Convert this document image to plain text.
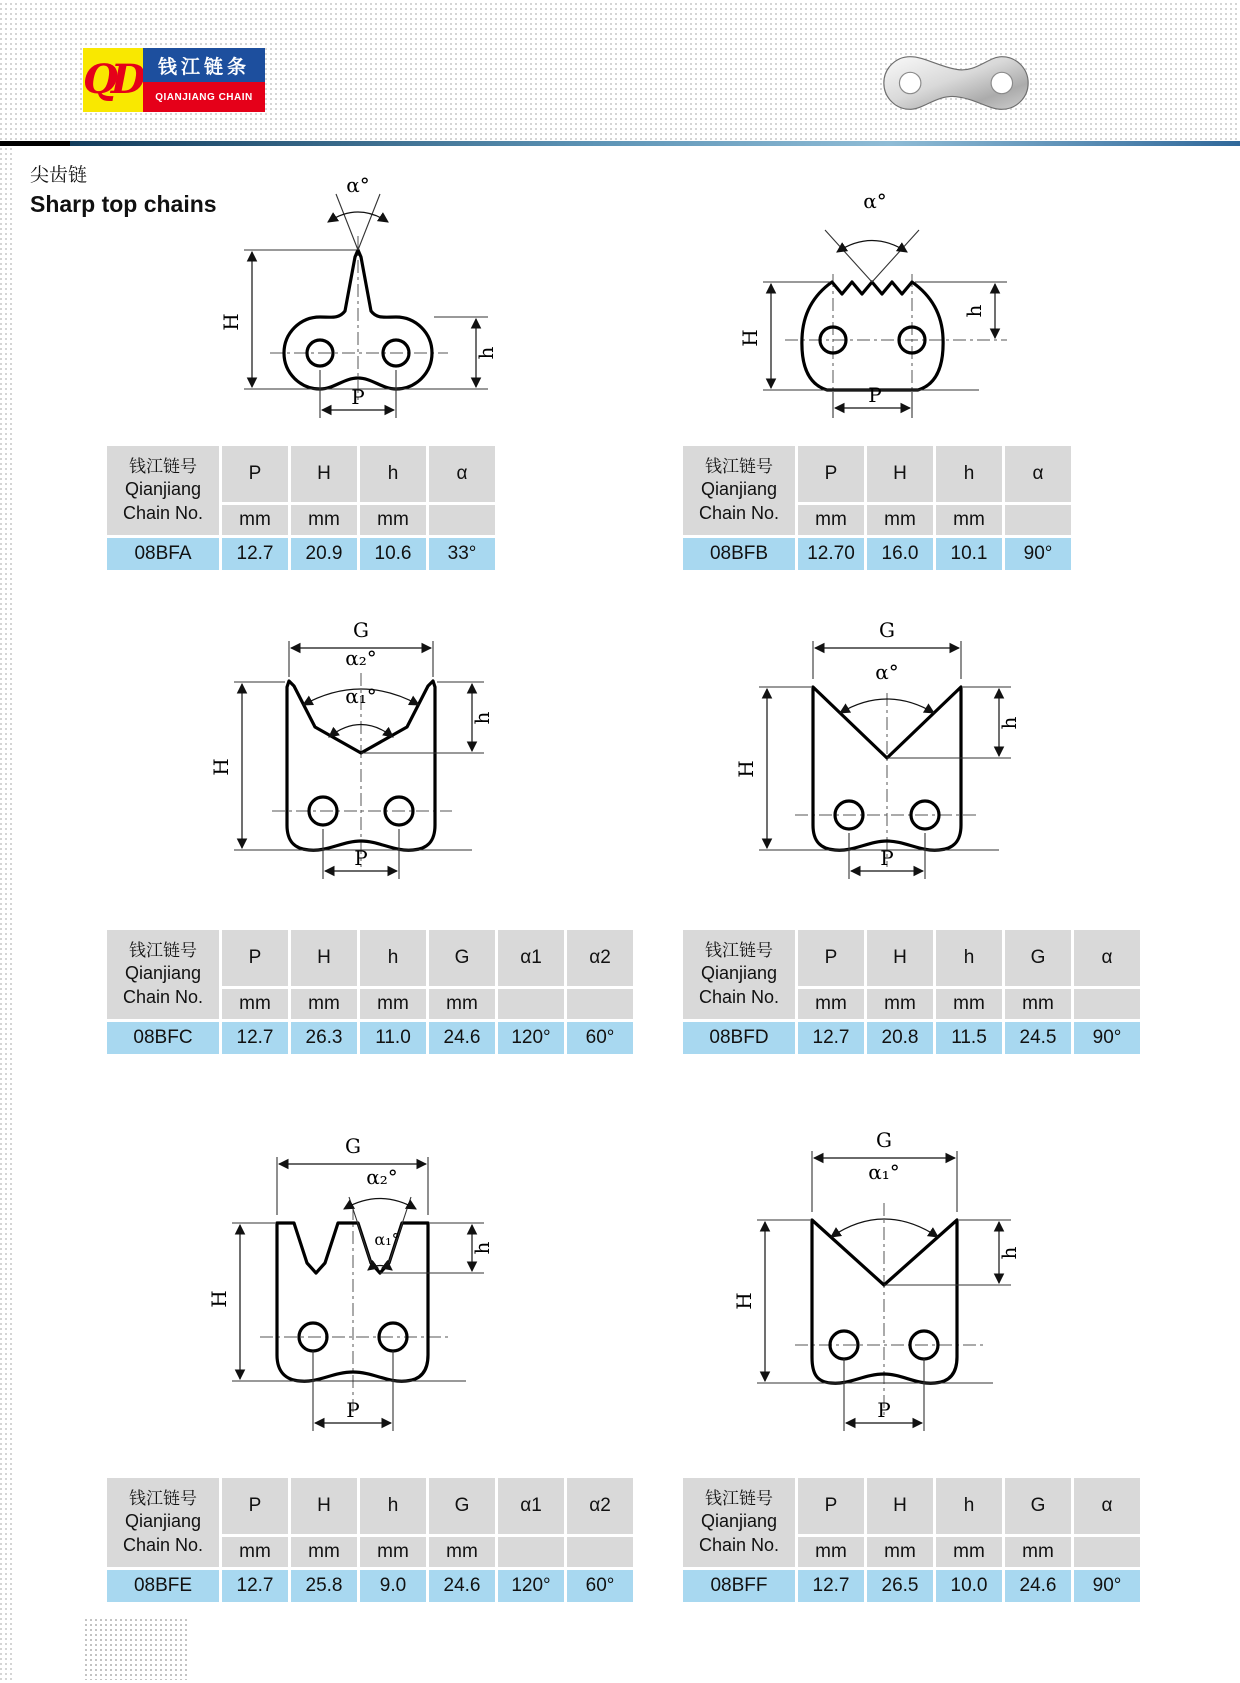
QD	钱江链条
QIANJIANG CHAIN
尖齿链
Sharp top chains
α°
H
h
P
α°
H
h
P
G
α₂°
α₁°
H
h
P
G
α°
H
h
P
G
α₂°
α₁°
H
h
P
G
α₁°
H
h
P
钱江链号
Qianjiang
Chain No.	P	H	h	α
	mm	mm	mm	
08BFA	12.7	20.9	10.6	33°
钱江链号
Qianjiang
Chain No.	P	H	h	α
	mm	mm	mm	
08BFB	12.70	16.0	10.1	90°
钱江链号
Qianjiang
Chain No.	P	H	h	G	α1	α2
	mm	mm	mm	mm		
08BFC	12.7	26.3	11.0	24.6	120°	60°
钱江链号
Qianjiang
Chain No.	P	H	h	G	α
	mm	mm	mm	mm	
08BFD	12.7	20.8	11.5	24.5	90°
钱江链号
Qianjiang
Chain No.	P	H	h	G	α1	α2
	mm	mm	mm	mm		
08BFE	12.7	25.8	9.0	24.6	120°	60°
钱江链号
Qianjiang
Chain No.	P	H	h	G	α
	mm	mm	mm	mm	
08BFF	12.7	26.5	10.0	24.6	90°
